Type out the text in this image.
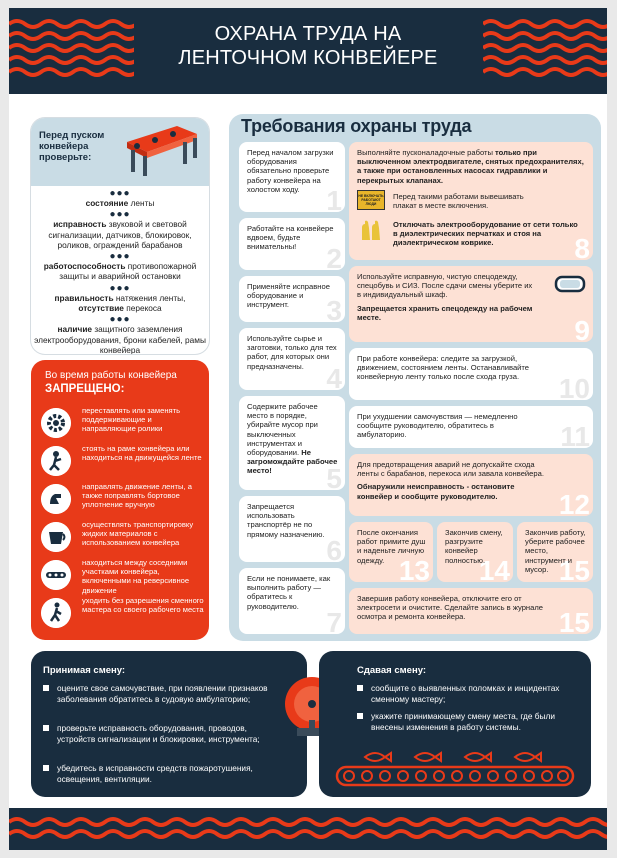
ОХРАНА ТРУДА НА
ЛЕНТОЧНОМ КОНВЕЙЕРЕ
Перед пуском конвейера проверьте:
●●●
состояние ленты
●●●
исправность звуковой и световой сигнализации, датчиков, блокировок, роликов, ограждений барабанов
●●●
работоспособность противопожарной защиты и аварийной остановки
●●●
правильность натяжения ленты,
отсутствие перекоса
●●●
наличие защитного заземления электрооборудования, брони кабелей, рамы конвейера
Во время работы конвейера
ЗАПРЕЩЕНО:
переставлять или заменять поддерживающие и направляющие ролики
стоять на раме конвейера или находиться на движущейся ленте
направлять движение ленты, а также поправлять бортовое уплотнение вручную
осуществлять транспортировку жидких материалов с использованием конвейера
находиться между соседними участками конвейера, включенными на реверсивное движение
уходить без разрешения сменного мастера со своего рабочего места
Требования охраны труда
Перед началом загрузки оборудования обязательно проверьте работу конвейера на холостом ходу. 1
Работайте на конвейере вдвоем, будьте внимательны!	2
Применяйте исправное оборудование и инструмент.	3
Используйте сырье и заготовки, только для тех работ, для которых они предназначены. 4
Содержите рабочее место в порядке, убирайте мусор при выключенных инструментах и оборудовании. Не загромождайте рабочее место!	5
Запрещается использовать транспортёр не по прямому назначению.
6
Если не понимаете, как выполнить работу — обратитесь к руководителю.
7
Выполняйте пусконаладочные работы только при выключенном электродвигателе, снятых предохранителях, а также при остановленных насосах гидравлики и перекрытых клапанах.
НЕ ВКЛЮЧАТЬ РАБОТАЮТ ЛЮДИ
Перед такими работами вывешивать плакат в месте включения.
Отключать электрооборудование от сети только в диэлектрических перчатках и стоя на диэлектрическом коврике.	8
Используйте исправную, чистую спецодежду, спецобувь и СИЗ. После сдачи смены уберите их в индивидуальный шкаф.
Запрещается хранить спецодежду на рабочем месте.	9
При работе конвейера: следите за загрузкой, движением, состоянием ленты. Останавливайте конвейерную ленту только после схода груза.	10
При ухудшении самочувствия — немедленно сообщите руководителю, обратитесь в амбулаторию.	11
Для предотвращения аварий не допускайте схода ленты с барабанов, перекоса или завала конвейера.
Обнаружили неисправность - остановите конвейер и сообщите руководителю.	12
После окончания работ примите душ и наденьте личную одежду. 13
Закончив смену, разгрузите конвейер полностью.
14
Закончив работу, уберите рабочее место, инструмент и мусор. 15
Завершив работу конвейера, отключите его от электросети и очистите. Сделайте запись в журнале осмотра и ремонта конвейера.	15
Принимая смену:
оцените свое самочувствие, при появлении признаков заболевания обратитесь в судовую амбулаторию;
проверьте исправность оборудования, проводов, устройств сигнализации и блокировки, инструмента;
убедитесь в исправности средств пожаротушения, освещения, вентиляции.
Сдавая смену:
сообщите о выявленных поломках и инцидентах сменному мастеру;
укажите принимающему смену места, где были внесены изменения в работу системы.
